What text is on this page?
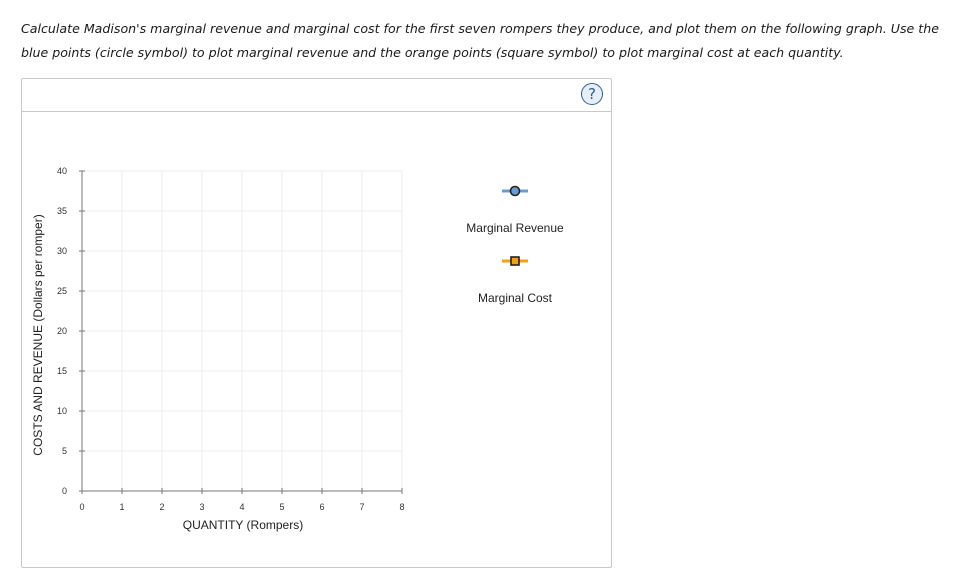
Calculate Madison's marginal revenue and marginal cost for the first seven rompers they produce, and plot them on the following graph. Use the blue points (circle symbol) to plot marginal revenue and the orange points (square symbol) to plot marginal cost at each quantity.

?
0	1	2	3	4	5	6	7	8
0
5
10
15
20
25
30
35
40
QUANTITY (Rompers)
COSTS AND REVENUE (Dollars per romper)	Marginal Revenue
Marginal Cost
